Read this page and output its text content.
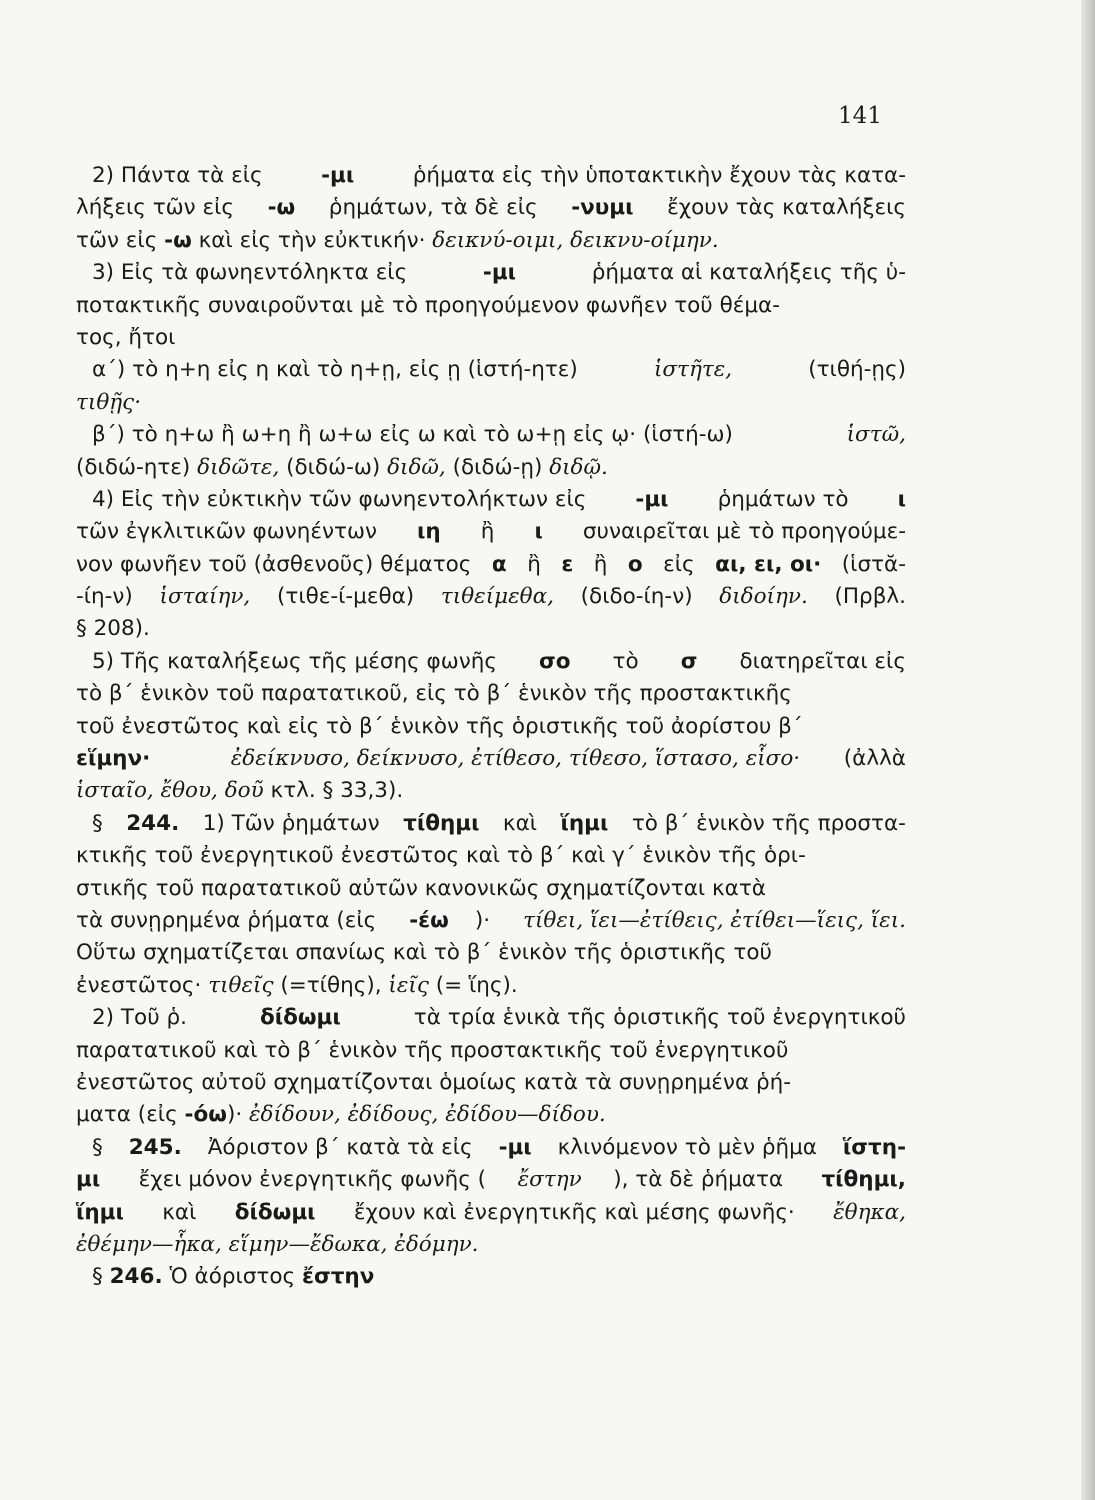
141
2) Πάντα τὰ εἰς -μι ῥήματα εἰς τὴν ὑποτακτικὴν ἔχουν τὰς κατα-
λήξεις τῶν εἰς -ω ῥημάτων, τὰ δὲ εἰς -νυμι ἔχουν τὰς καταλήξεις
τῶν εἰς -ω καὶ εἰς τὴν εὐκτικήν· δεικνύ-οιμι, δεικνυ-οίμην.
3) Εἰς τὰ φωνηεντόληκτα εἰς	-μι	ῥήματα αἱ καταλήξεις τῆς ὑ-
ποτακτικῆς συναιροῦνται μὲ τὸ προηγούμενον φωνῆεν τοῦ θέμα-
τος, ἤτοι
α΄) τὸ η+η εἰς η καὶ τὸ η+ῃ, εἰς ῃ (ἱστή-ητε)	ἱστῆτε,	(τιθή-ῃς)
τιθῇς·
β΄) τὸ η+ω ἢ ω+η ἢ ω+ω εἰς ω καὶ τὸ ω+ῃ εἰς ῳ· (ἱστή-ω)	ἱστῶ,
(διδώ-ητε) διδῶτε, (διδώ-ω) διδῶ, (διδώ-ῃ) διδῷ.
4) Εἰς τὴν εὐκτικὴν τῶν φωνηεντολήκτων εἰς -μι ῥημάτων τὸ ι
τῶν ἐγκλιτικῶν φωνηέντων ιη ἢ ι συναιρεῖται μὲ τὸ προηγούμε-
νον φωνῆεν τοῦ (ἀσθενοῦς) θέματος α ἢ ε ἢ ο εἰς αι, ει, οι· (ἱστᾰ-
-ίη-ν) ἱσταίην, (τιθε-ί-μεθα) τιθείμεθα, (διδο-ίη-ν) διδοίην. (Πρβλ.
§ 208).
5) Τῆς καταλήξεως τῆς μέσης φωνῆς σο τὸ σ διατηρεῖται εἰς
τὸ β΄ ἑνικὸν τοῦ παρατατικοῦ, εἰς τὸ β΄ ἑνικὸν τῆς προστακτικῆς
τοῦ ἐνεστῶτος καὶ εἰς τὸ β΄ ἑνικὸν τῆς ὁριστικῆς τοῦ ἀορίστου β΄
εἵμην·
	ἐδείκνυσο, δείκνυσο, ἐτίθεσο, τίθεσο, ἵστασο, εἷσο· (ἀλλὰ
ἱσταῖο, ἔθου, δοῦ κτλ. § 33,3).
§ 244. 1) Τῶν ῥημάτων τίθημι καὶ ἵημι τὸ β΄ ἑνικὸν τῆς προστα-
κτικῆς τοῦ ἐνεργητικοῦ ἐνεστῶτος καὶ τὸ β΄ καὶ γ΄ ἑνικὸν τῆς ὁρι-
στικῆς τοῦ παρατατικοῦ αὐτῶν κανονικῶς σχηματίζονται κατὰ
τὰ συνῃρημένα ῥήματα (εἰς -έω )· τίθει, ἵει—ἐτίθεις, ἐτίθει—ἵεις, ἵει.
Οὕτω σχηματίζεται σπανίως καὶ τὸ β΄ ἑνικὸν τῆς ὁριστικῆς τοῦ
ἐνεστῶτος· τιθεῖς (=τίθης), ἱεῖς (= ἵης).
2) Τοῦ ῥ.	δίδωμι	τὰ τρία ἑνικὰ τῆς ὁριστικῆς τοῦ ἐνεργητικοῦ
παρατατικοῦ καὶ τὸ β΄ ἑνικὸν τῆς προστακτικῆς τοῦ ἐνεργητικοῦ
ἐνεστῶτος αὐτοῦ σχηματίζονται ὁμοίως κατὰ τὰ συνῃρημένα ῥή-
ματα (εἰς -όω)· ἐδίδουν, ἐδίδους, ἐδίδου—δίδου.
§ 245. Ἀόριστον β΄ κατὰ τὰ εἰς -μι κλινόμενον τὸ μὲν ῥῆμα ἵστη-
μι ἔχει μόνον ἐνεργητικῆς φωνῆς ( ἔστην ), τὰ δὲ ῥήματα τίθημι,
ἵημι καὶ δίδωμι ἔχουν καὶ ἐνεργητικῆς καὶ μέσης φωνῆς· ἔθηκα,
ἐθέμην—ἧκα, εἵμην—ἔδωκα, ἐδόμην.
§ 246. Ὁ ἀόριστος ἔστην
